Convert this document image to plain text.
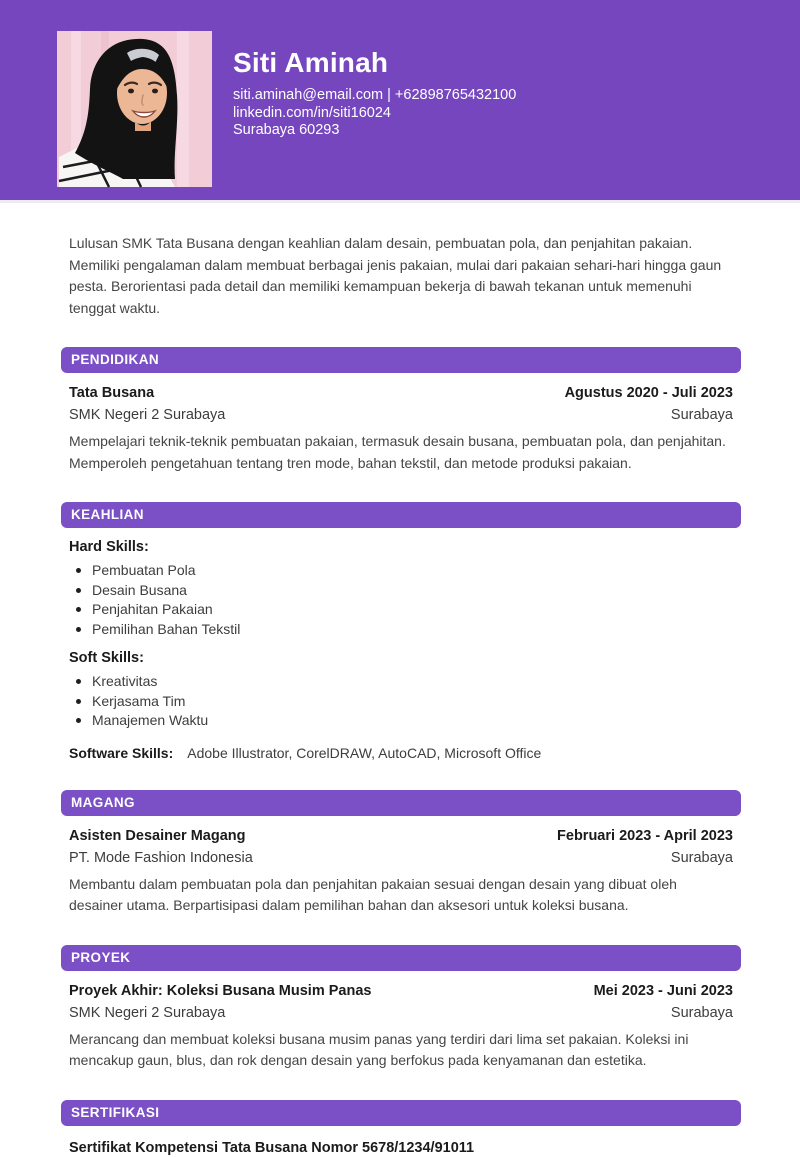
Siti Aminah
siti.aminah@email.com | +62898765432100
linkedin.com/in/siti16024
Surabaya 60293

Lulusan SMK Tata Busana dengan keahlian dalam desain, pembuatan pola, dan penjahitan pakaian. Memiliki pengalaman dalam membuat berbagai jenis pakaian, mulai dari pakaian sehari-hari hingga gaun pesta. Berorientasi pada detail dan memiliki kemampuan bekerja di bawah tekanan untuk memenuhi tenggat waktu.

PENDIDIKAN
Tata Busana	Agustus 2020 - Juli 2023
SMK Negeri 2 Surabaya	Surabaya

Mempelajari teknik-teknik pembuatan pakaian, termasuk desain busana, pembuatan pola, dan penjahitan. Memperoleh pengetahuan tentang tren mode, bahan tekstil, dan metode produksi pakaian.

KEAHLIAN
Hard Skills:
Pembuatan Pola
Desain Busana
Penjahitan Pakaian
Pemilihan Bahan Tekstil
Soft Skills:
Kreativitas
Kerjasama Tim
Manajemen Waktu
Software Skills: Adobe Illustrator, CorelDRAW, AutoCAD, Microsoft Office
MAGANG
Asisten Desainer Magang	Februari 2023 - April 2023
PT. Mode Fashion Indonesia	Surabaya

Membantu dalam pembuatan pola dan penjahitan pakaian sesuai dengan desain yang dibuat oleh desainer utama. Berpartisipasi dalam pemilihan bahan dan aksesori untuk koleksi busana.

PROYEK
Proyek Akhir: Koleksi Busana Musim Panas	Mei 2023 - Juni 2023
SMK Negeri 2 Surabaya	Surabaya

Merancang dan membuat koleksi busana musim panas yang terdiri dari lima set pakaian. Koleksi ini mencakup gaun, blus, dan rok dengan desain yang berfokus pada kenyamanan dan estetika.

SERTIFIKASI

Sertifikat Kompetensi Tata Busana Nomor 5678/1234/91011
